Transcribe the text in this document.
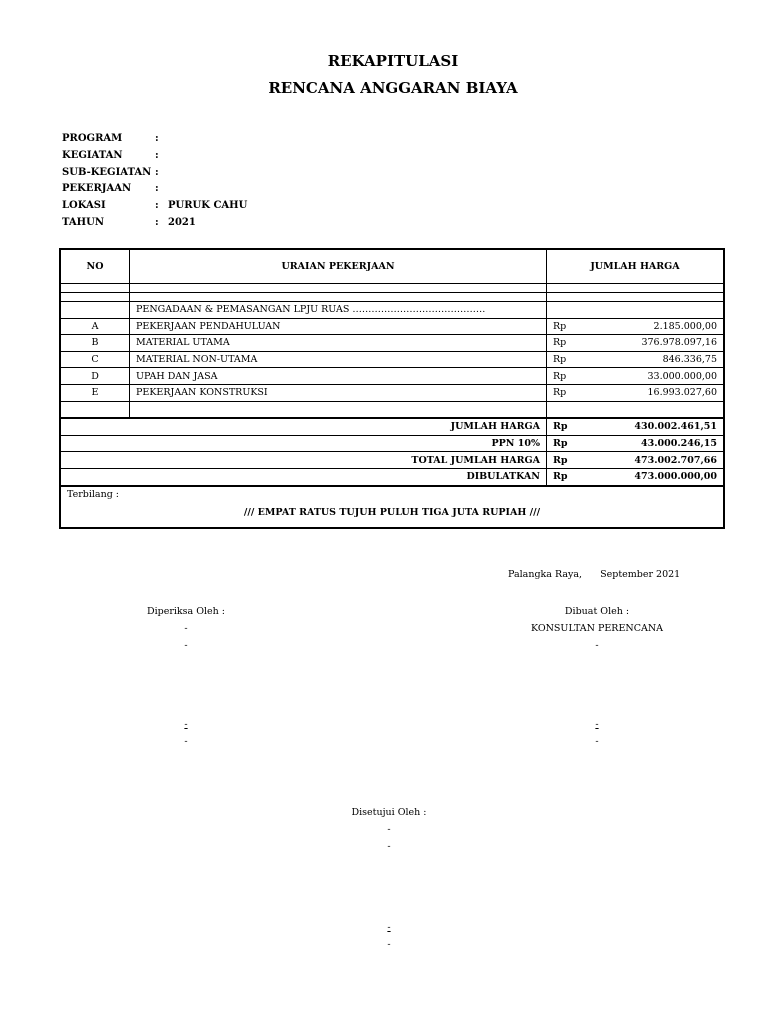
REKAPITULASI
RENCANA ANGGARAN BIAYA
PROGRAM	:
KEGIATAN	:
SUB-KEGIATAN :
PEKERJAAN	:
LOKASI	: PURUK CAHU
TAHUN	: 2021
NO	URAIAN PEKERJAAN	JUMLAH HARGA	

	PENGADAAN & PEMASANGAN LPJU RUAS ……………………………………		
A	PEKERJAAN PENDAHULUAN	Rp	2.185.000,00
B	MATERIAL UTAMA	Rp	376.978.097,16
C	MATERIAL NON-UTAMA	Rp	846.336,75
D	UPAH DAN JASA	Rp	33.000.000,00
E	PEKERJAAN KONSTRUKSI	Rp	16.993.027,60

JUMLAH HARGA		Rp	430.002.461,51
PPN 10%		Rp	43.000.246,15
TOTAL JUMLAH HARGA		Rp	473.002.707,66
DIBULATKAN		Rp	473.000.000,00
Terbilang :			
/// EMPAT RATUS TUJUH PULUH TIGA JUTA RUPIAH ///			
Palangka Raya, September 2021
Diperiksa Oleh :
-
-
-
-
Dibuat Oleh :
KONSULTAN PERENCANA
-
-
-
Disetujui Oleh :
-
-
-
-
